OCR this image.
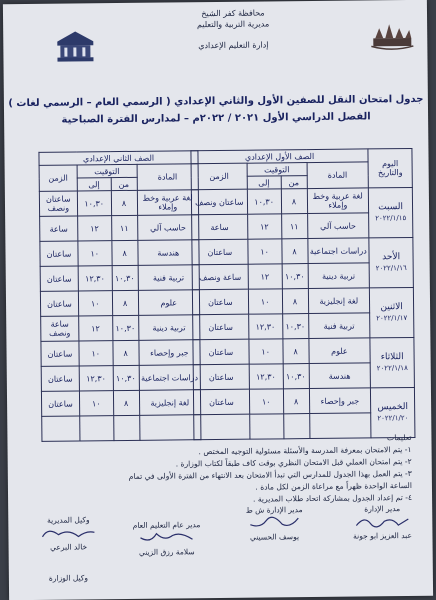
محافظة كفر الشيخ
مديرية التربية والتعليم
إدارة التعليم الإعدادي
جدول امتحان النقل للصفين الأول والثاني الإعدادي ( الرسمي العام – الرسمي لغات )
الفصل الدراسي الأول ٢٠٢١ / ٢٠٢٢م – لمدارس الفترة الصباحية
اليوم والتاريخ	الصف الأول الإعدادي			
	المادة	التوقيت		الزمن
		من	إلى	
السبت
٢٠٢٢/١/١٥	لغة عربية وخط وإملاء	٨	١٠,٣٠	ساعتان ونصف
	حاسب آلي	١١	١٢	ساعة
الأحد
٢٠٢٢/١/١٦	دراسات اجتماعية	٨	١٠	ساعتان
	تربية دينية	١٠,٣٠	١٢	ساعة ونصف
الاثنين
٢٠٢٢/١/١٧	لغة إنجليزية	٨	١٠	ساعتان
	تربية فنية	١٠,٣٠	١٢,٣٠	ساعتان
الثلاثاء
٢٠٢٢/١/١٨	علوم	٨	١٠	ساعتان
	هندسة	١٠,٣٠	١٢,٣٠	ساعتان
الخميس
٢٠٢٢/١/٢٠	جبر وإحصاء	٨	١٠	ساعتان

الصف الثاني الإعدادي			
المادة	التوقيت		الزمن
	من	إلى	
لغة عربية وخط وإملاء	٨	١٠,٣٠	ساعتان ونصف
حاسب آلي	١١	١٢	ساعة
هندسة	٨	١٠	ساعتان
تربية فنية	١٠,٣٠	١٢,٣٠	ساعتان
علوم	٨	١٠	ساعتان
تربية دينية	١٠,٣٠	١٢	ساعة ونصف
جبر وإحصاء	٨	١٠	ساعتان
دراسات اجتماعية	١٠,٣٠	١٢,٣٠	ساعتان
لغة إنجليزية	٨	١٠	ساعتان

تعليمات
١- يتم الامتحان بمعرفة المدرسة والأسئلة مسئولية التوجيه المختص .
٢- يتم امتحان العملي قبل الامتحان النظري بوقت كاف طبقاً لكتاب الوزارة .
٣- يتم العمل بهذا الجدول للمدارس التي تبدأ الامتحان بعد الانتهاء من الفترة الأولى في تمام
الساعة الواحدة ظهراً مع مراعاة الزمن لكل مادة .
٤- تم إعداد الجدول بمشاركة اتحاد طلاب المديرية .
مدير الإدارة
عبد العزيز ابو جونة
مدير الإدارة ش ط
يوسف الحسيني
مدير عام التعليم العام
سلامة رزق الزيني
وكيل المديرية
خالد البرعي
وكيل الوزارة
